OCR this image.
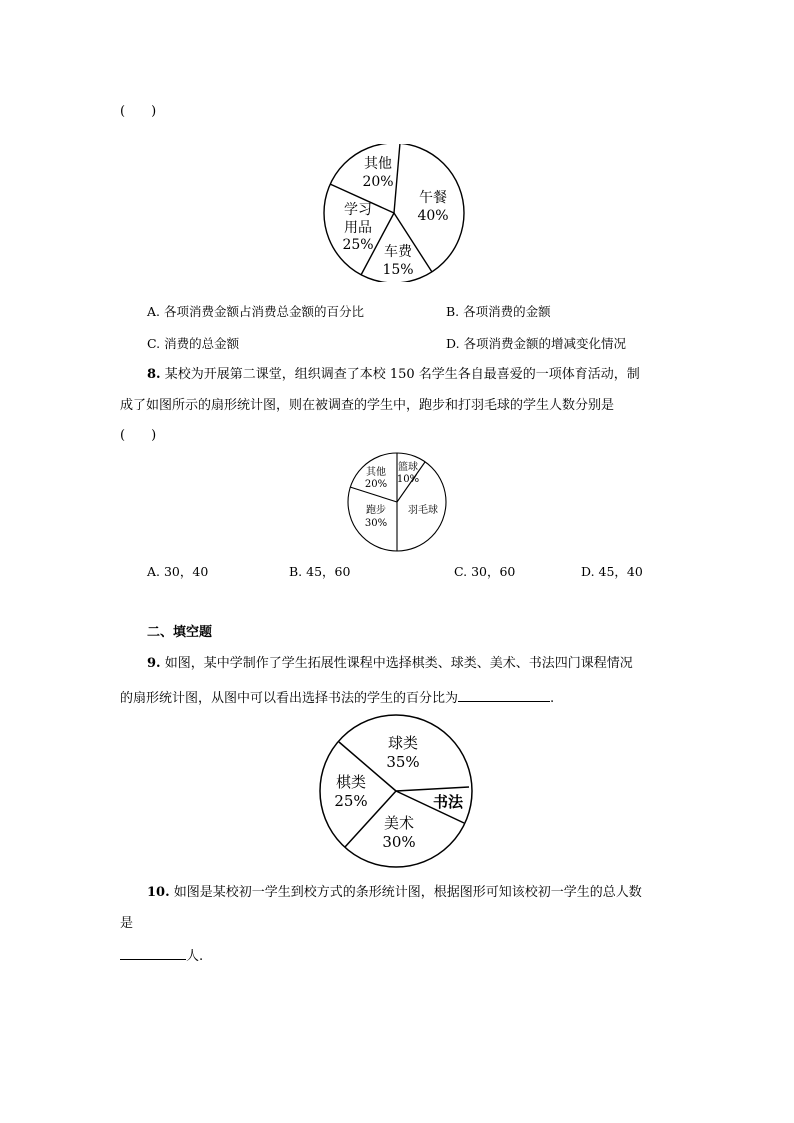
(　　)
其他
20%
午餐
40%
学习
用品
25% 车费
15%
A. 各项消费金额占消费总金额的百分比	B. 各项消费的金额
C. 消费的总金额	D. 各项消费金额的增减变化情况
8. 某校为开展第二课堂，组织调查了本校 150 名学生各自最喜爱的一项体育活动，制
成了如图所示的扇形统计图，则在被调查的学生中，跑步和打羽毛球的学生人数分别是
(　　)
其他
20%
篮球
10%
羽毛球
跑步
30%
A. 30，40	B. 45，60	C. 30，60	D. 45，40
二、填空题
9. 如图，某中学制作了学生拓展性课程中选择棋类、球类、美术、书法四门课程情况
的扇形统计图，从图中可以看出选择书法的学生的百分比为	.
球类
35%
棋类
25%
美术
30%
书法
10. 如图是某校初一学生到校方式的条形统计图，根据图形可知该校初一学生的总人数
是
人.
